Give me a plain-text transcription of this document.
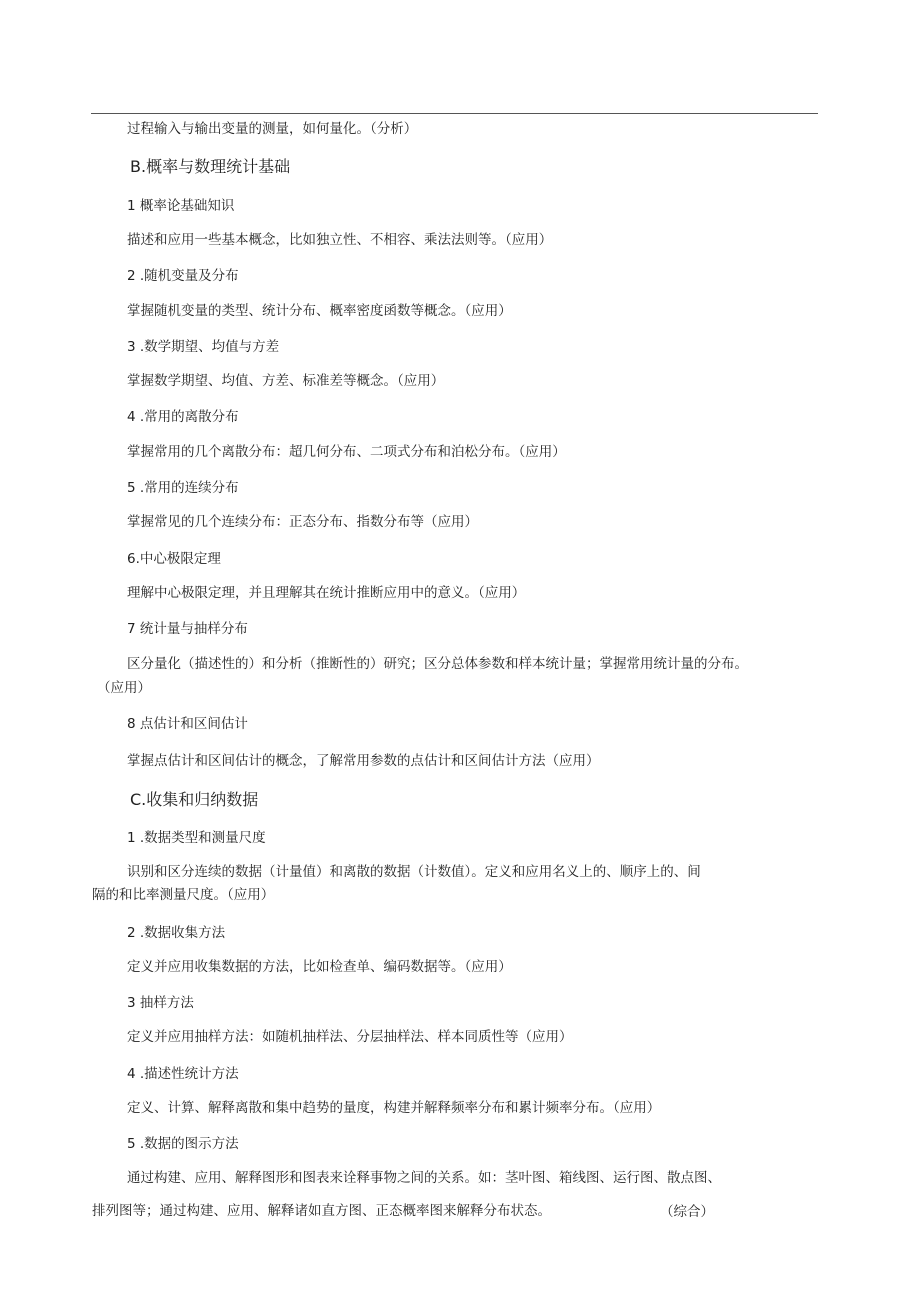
过程输入与输出变量的测量，如何量化。（分析）
B.概率与数理统计基础
1 概率论基础知识
描述和应用一些基本概念，比如独立性、不相容、乘法法则等。（应用）
2 .随机变量及分布
掌握随机变量的类型、统计分布、概率密度函数等概念。（应用）
3 .数学期望、均值与方差
掌握数学期望、均值、方差、标准差等概念。（应用）
4 .常用的离散分布
掌握常用的几个离散分布：超几何分布、二项式分布和泊松分布。（应用）
5 .常用的连续分布
掌握常见的几个连续分布：正态分布、指数分布等（应用）
6.中心极限定理
理解中心极限定理，并且理解其在统计推断应用中的意义。（应用）
7 统计量与抽样分布
区分量化（描述性的）和分析（推断性的）研究；区分总体参数和样本统计量；掌握常用统计量的分布。
（应用）
8 点估计和区间估计
掌握点估计和区间估计的概念，了解常用参数的点估计和区间估计方法（应用）
C.收集和归纳数据
1 .数据类型和测量尺度
识别和区分连续的数据（计量值）和离散的数据（计数值）。定义和应用名义上的、顺序上的、间
隔的和比率测量尺度。（应用）
2 .数据收集方法
定义并应用收集数据的方法，比如检查单、编码数据等。（应用）
3 抽样方法
定义并应用抽样方法：如随机抽样法、分层抽样法、样本同质性等（应用）
4 .描述性统计方法
定义、计算、解释离散和集中趋势的量度，构建并解释频率分布和累计频率分布。（应用）
5 .数据的图示方法
通过构建、应用、解释图形和图表来诠释事物之间的关系。如：茎叶图、箱线图、运行图、散点图、
排列图等；通过构建、应用、解释诸如直方图、正态概率图来解释分布状态。	（综合）
